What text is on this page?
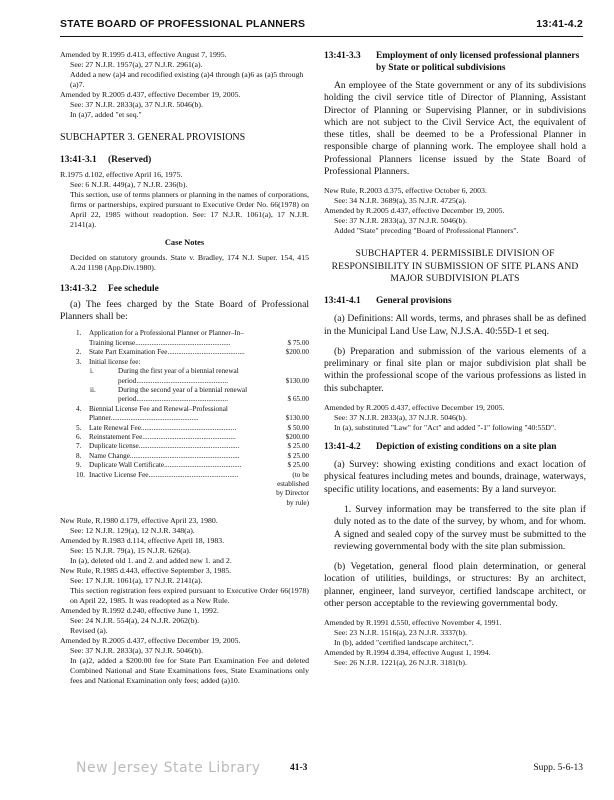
STATE BOARD OF PROFESSIONAL PLANNERS	13:41-4.2

Amended by R.1995 d.413, effective August 7, 1995.

See: 27 N.J.R. 1957(a), 27 N.J.R. 2961(a).

Added a new (a)4 and recodified existing (a)4 through (a)6 as (a)5 through (a)7.

Amended by R.2005 d.437, effective December 19, 2005.

See: 37 N.J.R. 2833(a), 37 N.J.R. 5046(b).

In (a)7, added "et seq."

SUBCHAPTER 3. GENERAL PROVISIONS

13:41-3.1 (Reserved)

R.1975 d.102, effective April 16, 1975.

See: 6 N.J.R. 449(a), 7 N.J.R. 236(b).

This section, use of terms planners or planning in the names of corporations, firms or partnerships, expired pursuant to Executive Order No. 66(1978) on April 22, 1985 without readoption. See: 17 N.J.R. 1061(a), 17 N.J.R. 2141(a).

Case Notes

Decided on statutory grounds. State v. Bradley, 174 N.J. Super. 154, 415 A.2d 1198 (App.Div.1980).

13:41-3.2 Fee schedule

(a) The fees charged by the State Board of Professional Planners shall be:

1.	Application for a Professional Planner or Planner–In–
Training license.....................................................	$ 75.00
2.	State Part Examination Fee...........................................	$200.00
3.	Initial license fee:
i.	During the first year of a biennial renewal
period...................................................	$130.00
ii.	During the second year of a biennial renewal
period...................................................	$ 65.00
4.	Biennial License Fee and Renewal–Professional
Planner.................................................	$130.00
5.	Late Renewal Fee.....................................................	$ 50.00
6.	Reinstatement Fee....................................................	$200.00
7.	Duplicate license........................................................	$ 25.00
8.	Name Change.............................................................	$ 25.00
9.	Duplicate Wall Certificate...........................................	$ 25.00
10. Inactive License Fee..................................................	(to be
established
by Director
by rule)

New Rule, R.1980 d.179, effective April 23, 1980.

See: 12 N.J.R. 129(a), 12 N.J.R. 348(a).

Amended by R.1983 d.114, effective April 18, 1983.

See: 15 N.J.R. 79(a), 15 N.J.R. 626(a).

In (a), deleted old 1. and 2. and added new 1. and 2.

New Rule, R.1985 d.443, effective September 3, 1985.

See: 17 N.J.R. 1061(a), 17 N.J.R. 2141(a).

This section registration fees expired pursuant to Executive Order 66(1978) on April 22, 1985. It was readopted as a New Rule.

Amended by R.1992 d.240, effective June 1, 1992.

See: 24 N.J.R. 554(a), 24 N.J.R. 2062(b).

Revised (a).

Amended by R.2005 d.437, effective December 19, 2005.

See: 37 N.J.R. 2833(a), 37 N.J.R. 5046(b).

In (a)2, added a $200.00 fee for State Part Examination Fee and deleted Combined National and State Examinations fees, State Examinations only fees and National Examination only fees; added (a)10.

13:41-3.3	Employment of only licensed professional planners by State or political subdivisions

An employee of the State government or any of its subdivisions holding the civil service title of Director of Planning, Assistant Director of Planning or Supervising Planner, or in subdivisions which are not subject to the Civil Service Act, the equivalent of these titles, shall be deemed to be a Professional Planner in responsible charge of planning work. The employee shall hold a Professional Planners license issued by the State Board of Professional Planners.

New Rule, R.2003 d.375, effective October 6, 2003.

See: 34 N.J.R. 3689(a), 35 N.J.R. 4725(a).

Amended by R.2005 d.437, effective December 19, 2005.

See: 37 N.J.R. 2833(a), 37 N.J.R. 5046(b).

Added "State" preceding "Board of Professional Planners".

SUBCHAPTER 4. PERMISSIBLE DIVISION OF RESPONSIBILITY IN SUBMISSION OF SITE PLANS AND MAJOR SUBDIVISION PLATS

13:41-4.1 General provisions

(a) Definitions: All words, terms, and phrases shall be as defined in the Municipal Land Use Law, N.J.S.A. 40:55D-1 et seq.

(b) Preparation and submission of the various elements of a preliminary or final site plan or major subdivision plat shall be within the professional scope of the various professions as listed in this subchapter.

Amended by R.2005 d.437, effective December 19, 2005.

See: 37 N.J.R. 2833(a), 37 N.J.R. 5046(b).

In (a), substituted "Law" for "Act" and added "-1" following "40:55D".

13:41-4.2 Depiction of existing conditions on a site plan

(a) Survey: showing existing conditions and exact location of physical features including metes and bounds, drainage, waterways, specific utility locations, and easements: By a land surveyor.

1. Survey information may be transferred to the site plan if duly noted as to the date of the survey, by whom, and for whom. A signed and sealed copy of the survey must be submitted to the reviewing governmental body with the site plan submission.

(b) Vegetation, general flood plain determination, or general location of utilities, buildings, or structures: By an architect, planner, engineer, land surveyor, certified landscape architect, or other person acceptable to the reviewing governmental body.

Amended by R.1991 d.550, effective November 4, 1991.

See: 23 N.J.R. 1516(a), 23 N.J.R. 3337(b).

In (b), added "certified landscape architect,".

Amended by R.1994 d.394, effective August 1, 1994.

See: 26 N.J.R. 1221(a), 26 N.J.R. 3181(b).

New Jersey State Library	41-3	Supp. 5-6-13
